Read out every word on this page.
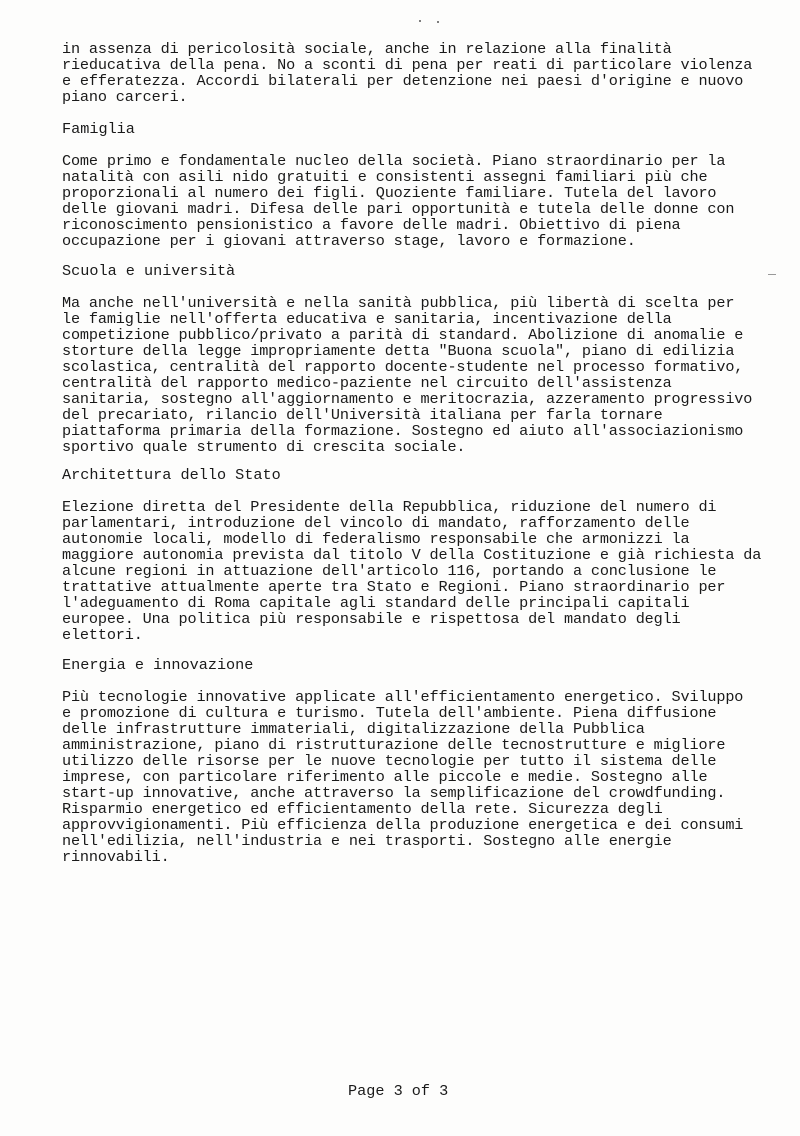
in assenza di pericolosità sociale, anche in relazione alla finalità
rieducativa della pena. No a sconti di pena per reati di particolare violenza
e efferatezza. Accordi bilaterali per detenzione nei paesi d'origine e nuovo
piano carceri.
Famiglia
Come primo e fondamentale nucleo della società. Piano straordinario per la
natalità con asili nido gratuiti e consistenti assegni familiari più che
proporzionali al numero dei figli. Quoziente familiare. Tutela del lavoro
delle giovani madri. Difesa delle pari opportunità e tutela delle donne con
riconoscimento pensionistico a favore delle madri. Obiettivo di piena
occupazione per i giovani attraverso stage, lavoro e formazione.
Scuola e università
Ma anche nell'università e nella sanità pubblica, più libertà di scelta per
le famiglie nell'offerta educativa e sanitaria, incentivazione della
competizione pubblico/privato a parità di standard. Abolizione di anomalie e
storture della legge impropriamente detta "Buona scuola", piano di edilizia
scolastica, centralità del rapporto docente-studente nel processo formativo,
centralità del rapporto medico-paziente nel circuito dell'assistenza
sanitaria, sostegno all'aggiornamento e meritocrazia, azzeramento progressivo
del precariato, rilancio dell'Università italiana per farla tornare
piattaforma primaria della formazione. Sostegno ed aiuto all'associazionismo
sportivo quale strumento di crescita sociale.
Architettura dello Stato
Elezione diretta del Presidente della Repubblica, riduzione del numero di
parlamentari, introduzione del vincolo di mandato, rafforzamento delle
autonomie locali, modello di federalismo responsabile che armonizzi la
maggiore autonomia prevista dal titolo V della Costituzione e già richiesta da
alcune regioni in attuazione dell'articolo 116, portando a conclusione le
trattative attualmente aperte tra Stato e Regioni. Piano straordinario per
l'adeguamento di Roma capitale agli standard delle principali capitali
europee. Una politica più responsabile e rispettosa del mandato degli
elettori.
Energia e innovazione
Più tecnologie innovative applicate all'efficientamento energetico. Sviluppo
e promozione di cultura e turismo. Tutela dell'ambiente. Piena diffusione
delle infrastrutture immateriali, digitalizzazione della Pubblica
amministrazione, piano di ristrutturazione delle tecnostrutture e migliore
utilizzo delle risorse per le nuove tecnologie per tutto il sistema delle
imprese, con particolare riferimento alle piccole e medie. Sostegno alle
start-up innovative, anche attraverso la semplificazione del crowdfunding.
Risparmio energetico ed efficientamento della rete. Sicurezza degli
approvvigionamenti. Più efficienza della produzione energetica e dei consumi
nell'edilizia, nell'industria e nei trasporti. Sostegno alle energie
rinnovabili.
Page 3 of 3
